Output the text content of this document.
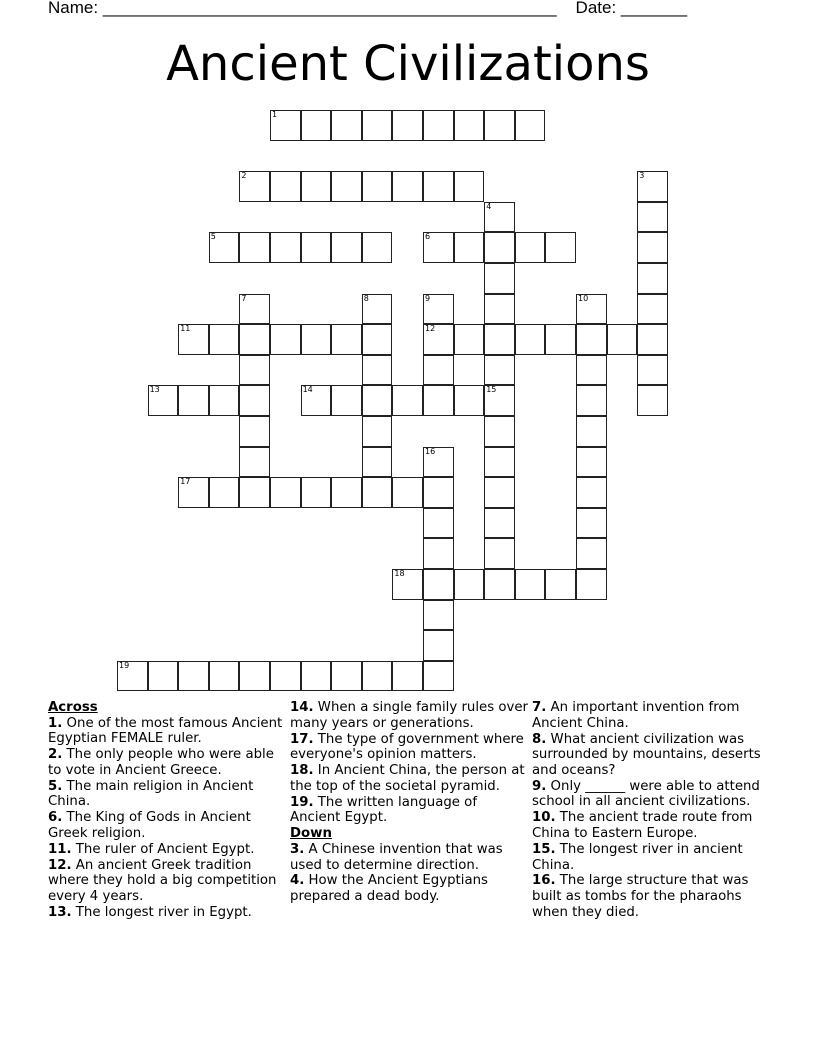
Name: ________________________________________________ Date: _______
Ancient Civilizations
1
2	3
4
5	6
7	8	9
12
10
11
13	14	15
16
17
18
19

Across

1. One of the most famous Ancient Egyptian FEMALE ruler.

2. The only people who were able to vote in Ancient Greece.

5. The main religion in Ancient China.

6. The King of Gods in Ancient Greek religion.

11. The ruler of Ancient Egypt.

12. An ancient Greek tradition where they hold a big competition every 4 years.

13. The longest river in Egypt.

14. When a single family rules over many years or generations.

17. The type of government where everyone's opinion matters.

18. In Ancient China, the person at the top of the societal pyramid.

19. The written language of Ancient Egypt.

Down

3. A Chinese invention that was used to determine direction.

4. How the Ancient Egyptians prepared a dead body.

7. An important invention from Ancient China.

8. What ancient civilization was surrounded by mountains, deserts and oceans?

9. Only ______ were able to attend school in all ancient civilizations.

10. The ancient trade route from China to Eastern Europe.

15. The longest river in ancient China.

16. The large structure that was built as tombs for the pharaohs when they died.
